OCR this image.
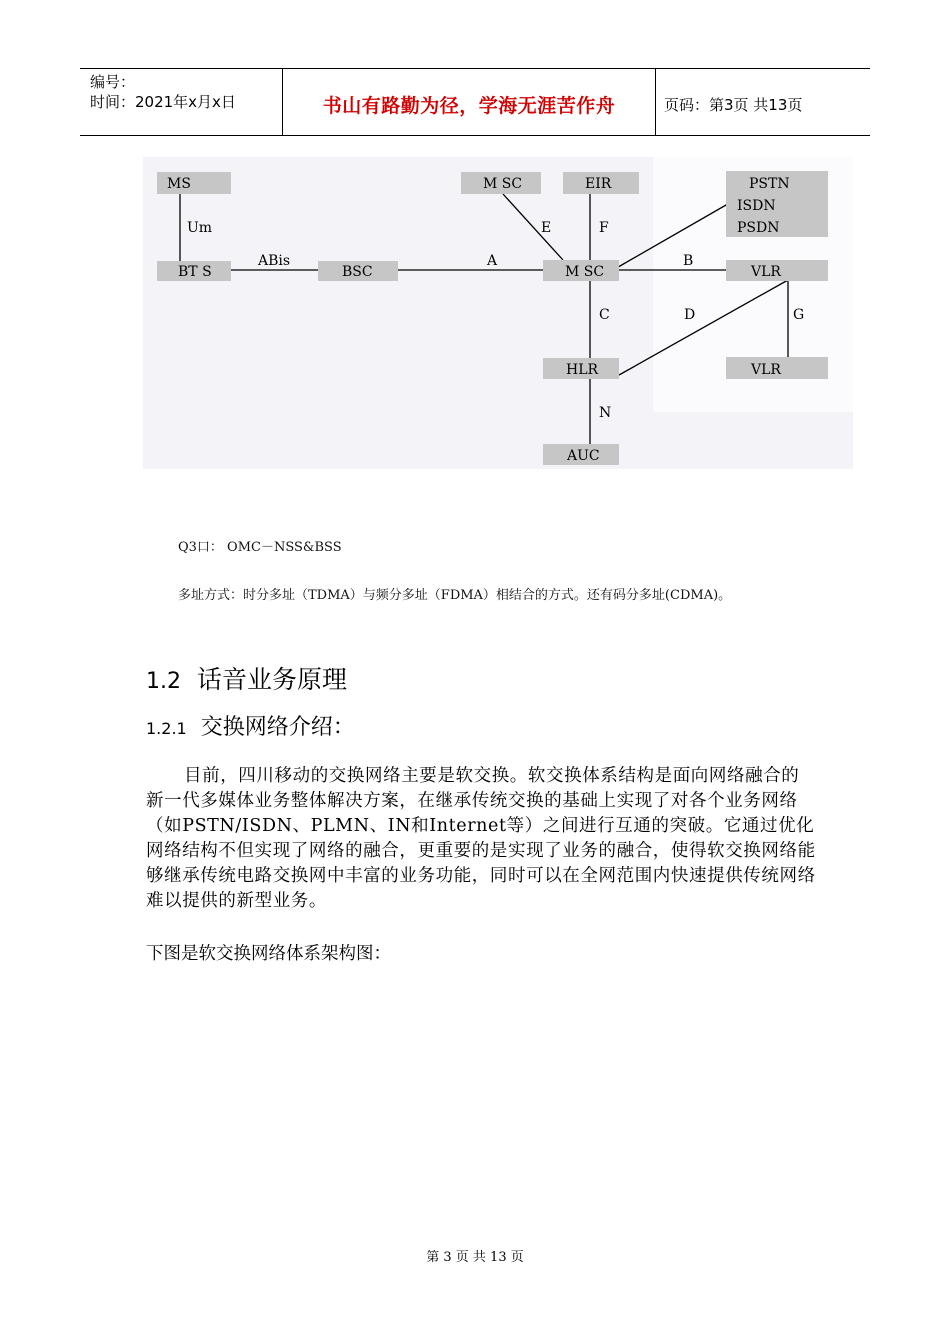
编号：
时间：2021年x月x日	书山有路勤为径，学海无涯苦作舟	页码：第3页 共13页
Um
ABis	A
E	F
B
C	D	G
N
MS
BT S	BSC
M SC	EIR	PSTN
ISDN
PSDN
M SC	VLR
HLR	VLR
AUC
Q3口： OMC－NSS&BSS
多址方式：时分多址（TDMA）与频分多址（FDMA）相结合的方式。还有码分多址(CDMA)。
1.2 话音业务原理
1.2.1 交换网络介绍：
目前，四川移动的交换网络主要是软交换。软交换体系结构是面向网络融合的新一代多媒体业务整体解决方案，在继承传统交换的基础上实现了对各个业务网络（如PSTN/ISDN、PLMN、IN和Internet等）之间进行互通的突破。它通过优化网络结构不但实现了网络的融合，更重要的是实现了业务的融合，使得软交换网络能够继承传统电路交换网中丰富的业务功能，同时可以在全网范围内快速提供传统网络难以提供的新型业务。
下图是软交换网络体系架构图：
第 3 页 共 13 页
